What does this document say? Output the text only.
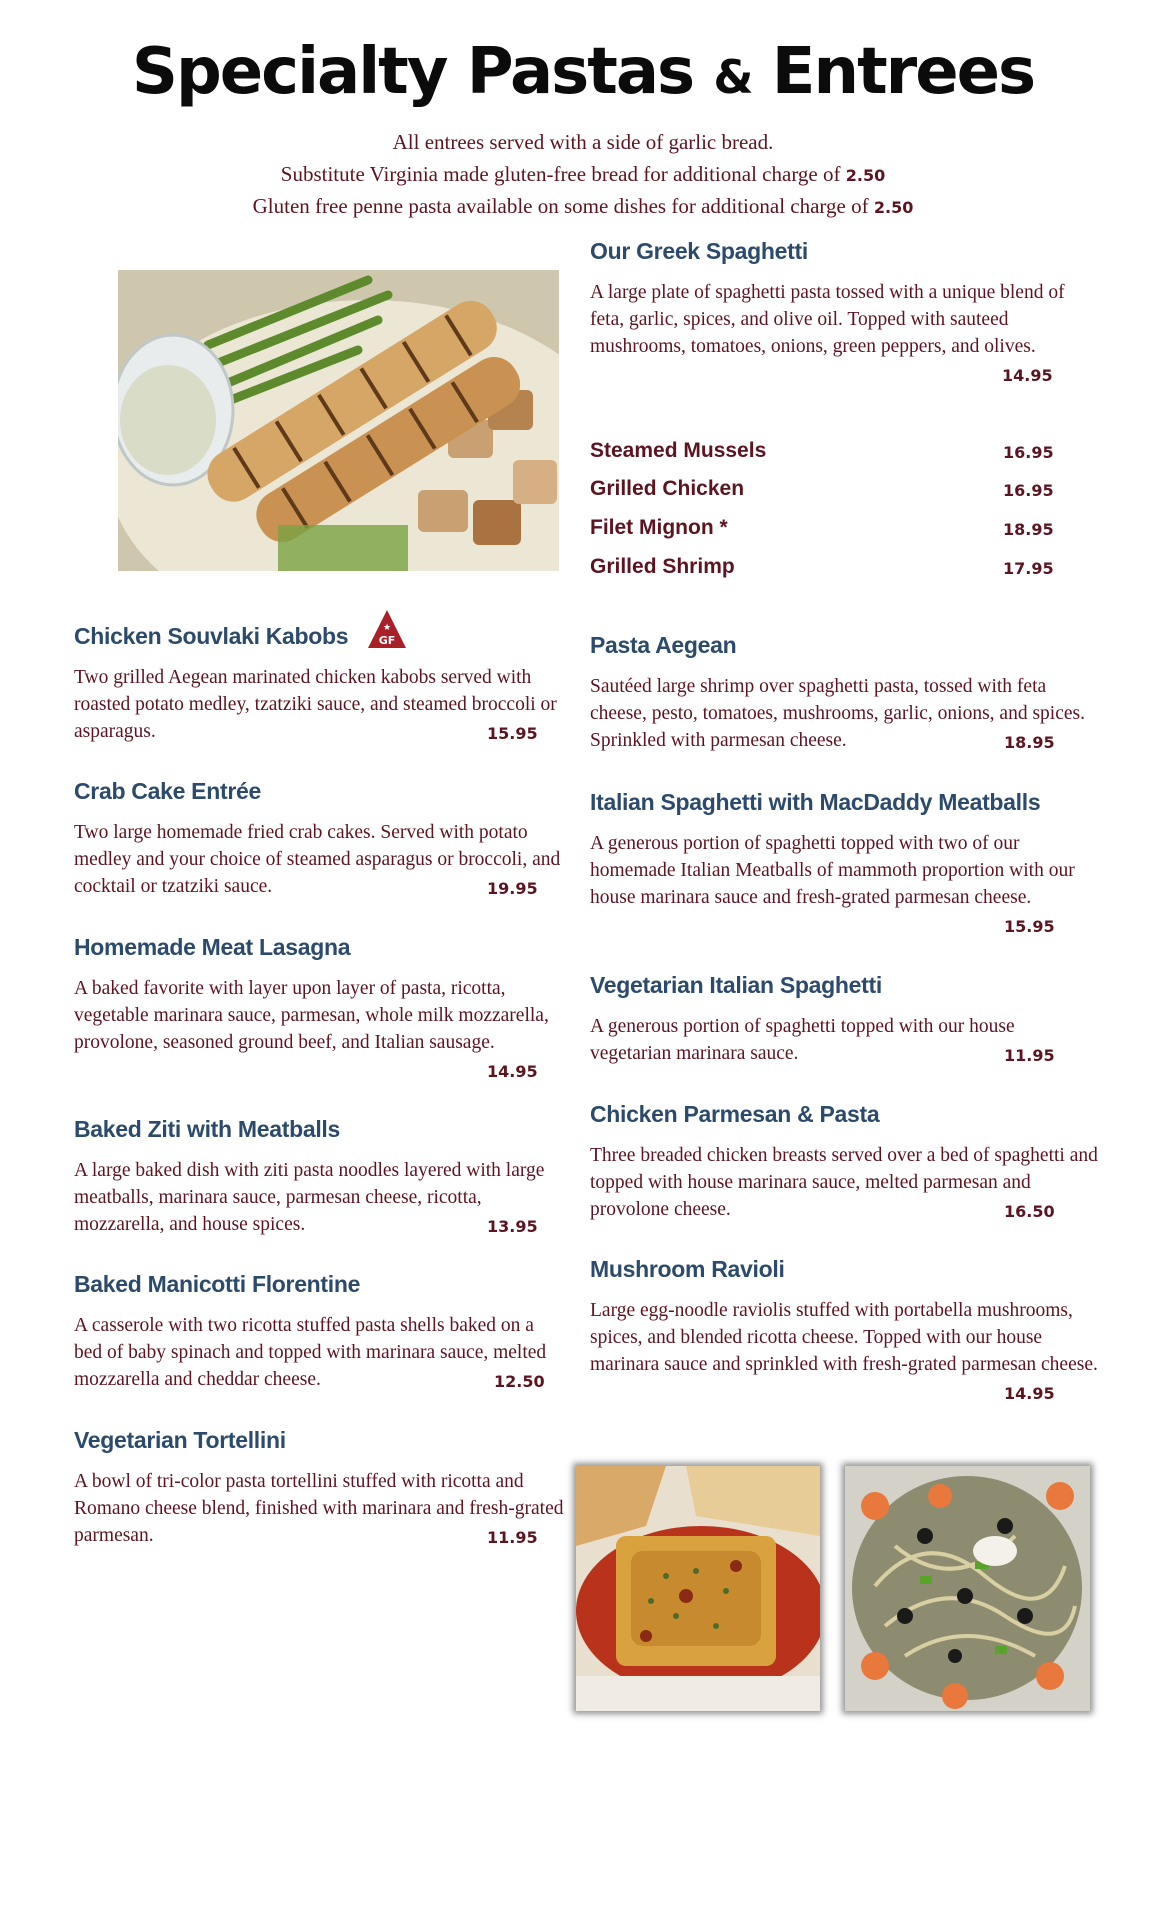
Specialty Pastas & Entrees
All entrees served with a side of garlic bread.
Substitute Virginia made gluten-free bread for additional charge of 2.50
Gluten free penne pasta available on some dishes for additional charge of 2.50
Our Greek Spaghetti
A large plate of spaghetti pasta tossed with a unique blend of feta, garlic, spices, and olive oil. Topped with sauteed mushrooms, tomatoes, onions, green peppers, and olives.
14.95
Steamed Mussels	16.95
Grilled Chicken	16.95
Filet Mignon *	18.95
Grilled Shrimp	17.95
Chicken Souvlaki Kabobs	★
GF
Two grilled Aegean marinated chicken kabobs served with roasted potato medley, tzatziki sauce, and steamed broccoli or asparagus.	15.95
Crab Cake Entrée
Two large homemade fried crab cakes. Served with potato medley and your choice of steamed asparagus or broccoli, and cocktail or tzatziki sauce.	19.95
Homemade Meat Lasagna
A baked favorite with layer upon layer of pasta, ricotta, vegetable marinara sauce, parmesan, whole milk mozzarella, provolone, seasoned ground beef, and Italian sausage.
14.95
Baked Ziti with Meatballs
A large baked dish with ziti pasta noodles layered with large meatballs, marinara sauce, parmesan cheese, ricotta, mozzarella, and house spices.	13.95
Baked Manicotti Florentine
A casserole with two ricotta stuffed pasta shells baked on a bed of baby spinach and topped with marinara sauce, melted mozzarella and cheddar cheese.	12.50
Vegetarian Tortellini
A bowl of tri-color pasta tortellini stuffed with ricotta and Romano cheese blend, finished with marinara and fresh-grated parmesan.	11.95
Pasta Aegean
Sautéed large shrimp over spaghetti pasta, tossed with feta cheese, pesto, tomatoes, mushrooms, garlic, onions, and spices. Sprinkled with parmesan cheese.	18.95
Italian Spaghetti with MacDaddy Meatballs
A generous portion of spaghetti topped with two of our homemade Italian Meatballs of mammoth proportion with our house marinara sauce and fresh-grated parmesan cheese.
15.95
Vegetarian Italian Spaghetti
A generous portion of spaghetti topped with our house vegetarian marinara sauce.	11.95
Chicken Parmesan & Pasta
Three breaded chicken breasts served over a bed of spaghetti and topped with house marinara sauce, melted parmesan and provolone cheese.	16.50
Mushroom Ravioli
Large egg-noodle raviolis stuffed with portabella mushrooms, spices, and blended ricotta cheese. Topped with our house marinara sauce and sprinkled with fresh-grated parmesan cheese.
14.95
